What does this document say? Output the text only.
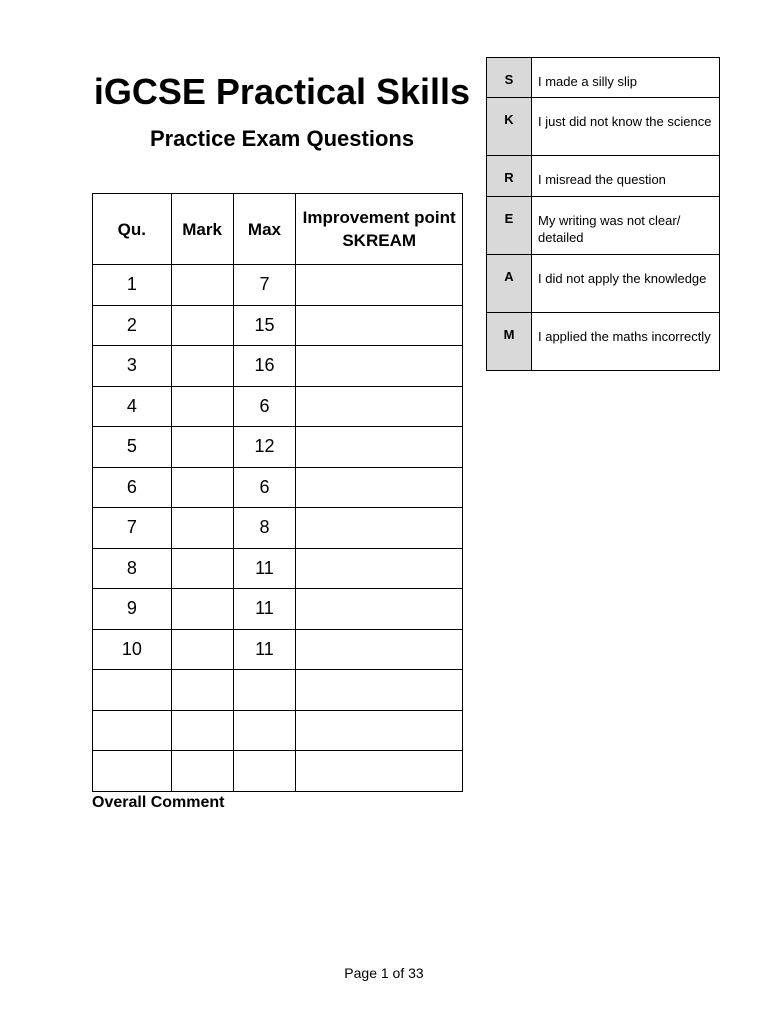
iGCSE Practical Skills
Practice Exam Questions
Qu.	Mark	Max	Improvement point SKREAM
1		7	
2		15	
3		16	
4		6	
5		12	
6		6	
7		8	
8		11	
9		11	
10		11	

Overall Comment

S	I made a silly slip
K	I just did not know the science
R	I misread the question
E	My writing was not clear/ detailed
A	I did not apply the knowledge
M	I applied the maths incorrectly

Page 1 of 33
